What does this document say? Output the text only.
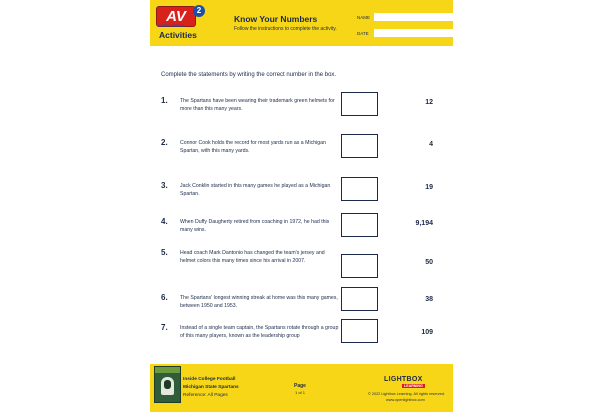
AV	2
AUDIO VISUAL
Activities
Know Your Numbers
Follow the instructions to complete the activity.
NAME
DATE
Complete the statements by writing the correct number in the box.
1. The Spartans have been wearing their trademark green helmets for more than this many years.
12
2. Connor Cook holds the record for most yards run as a Michigan Spartan, with this many yards.
4
3. Jack Conklin started in this many games he played as a Michigan Spartan.
19
4. When Duffy Daugherty retired from coaching in 1972, he had this many wins.
9,194
5. Head coach Mark Dantonio has changed the team's jersey and helmet colors this many times since his arrival in 2007.	50
6. The Spartans' longest winning streak at home was this many games, between 1950 and 1953.
38
7. Instead of a single team captain, the Spartans rotate through a group of this many players, known as the leadership group	109
Inside College Football
Michigan State Spartans
Reference: All Pages
Page
1 of 1
LIGHTBOX
LEARNING
© 2022 Lightbox Learning. All rights reserved.
www.openlightbox.com
